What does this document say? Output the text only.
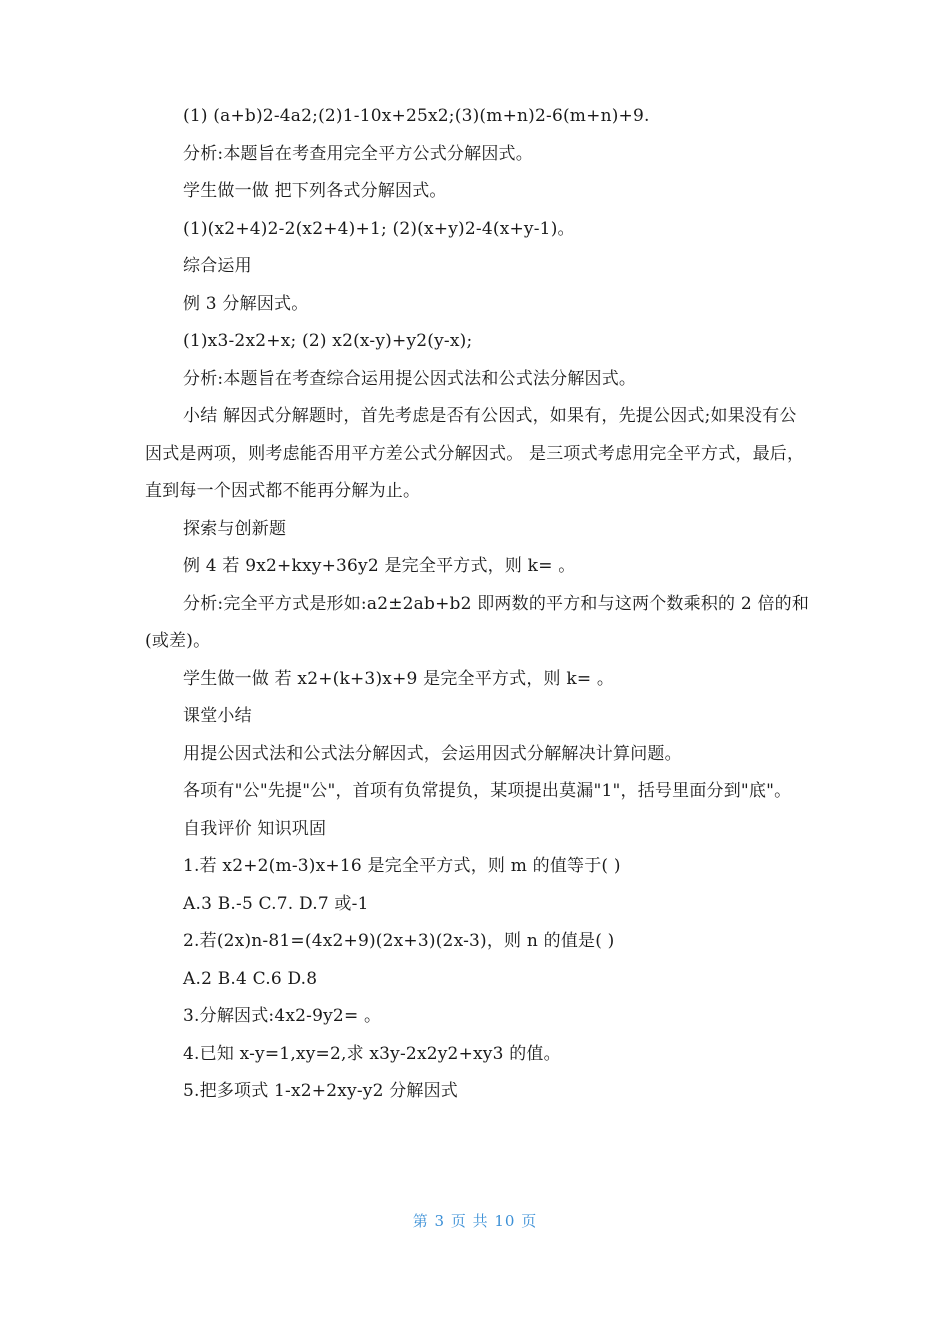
(1) (a+b)2-4a2;(2)1-10x+25x2;(3)(m+n)2-6(m+n)+9.

分析:本题旨在考查用完全平方公式分解因式。

学生做一做 把下列各式分解因式。

(1)(x2+4)2-2(x2+4)+1; (2)(x+y)2-4(x+y-1)。

综合运用

例 3 分解因式。

(1)x3-2x2+x; (2) x2(x-y)+y2(y-x);

分析:本题旨在考查综合运用提公因式法和公式法分解因式。

小结 解因式分解题时，首先考虑是否有公因式，如果有，先提公因式;如果没有公因式是两项，则考虑能否用平方差公式分解因式。 是三项式考虑用完全平方式，最后，直到每一个因式都不能再分解为止。

探索与创新题

例 4 若 9x2+kxy+36y2 是完全平方式，则 k= 。

分析:完全平方式是形如:a2±2ab+b2 即两数的平方和与这两个数乘积的 2 倍的和(或差)。

学生做一做 若 x2+(k+3)x+9 是完全平方式，则 k= 。

课堂小结

用提公因式法和公式法分解因式，会运用因式分解解决计算问题。

各项有"公"先提"公"，首项有负常提负，某项提出莫漏"1"，括号里面分到"底"。

自我评价 知识巩固

1.若 x2+2(m-3)x+16 是完全平方式，则 m 的值等于( )

A.3 B.-5 C.7. D.7 或-1

2.若(2x)n-81=(4x2+9)(2x+3)(2x-3)，则 n 的值是( )

A.2 B.4 C.6 D.8

3.分解因式:4x2-9y2= 。

4.已知 x-y=1,xy=2,求 x3y-2x2y2+xy3 的值。

5.把多项式 1-x2+2xy-y2 分解因式

第 3 页 共 10 页
